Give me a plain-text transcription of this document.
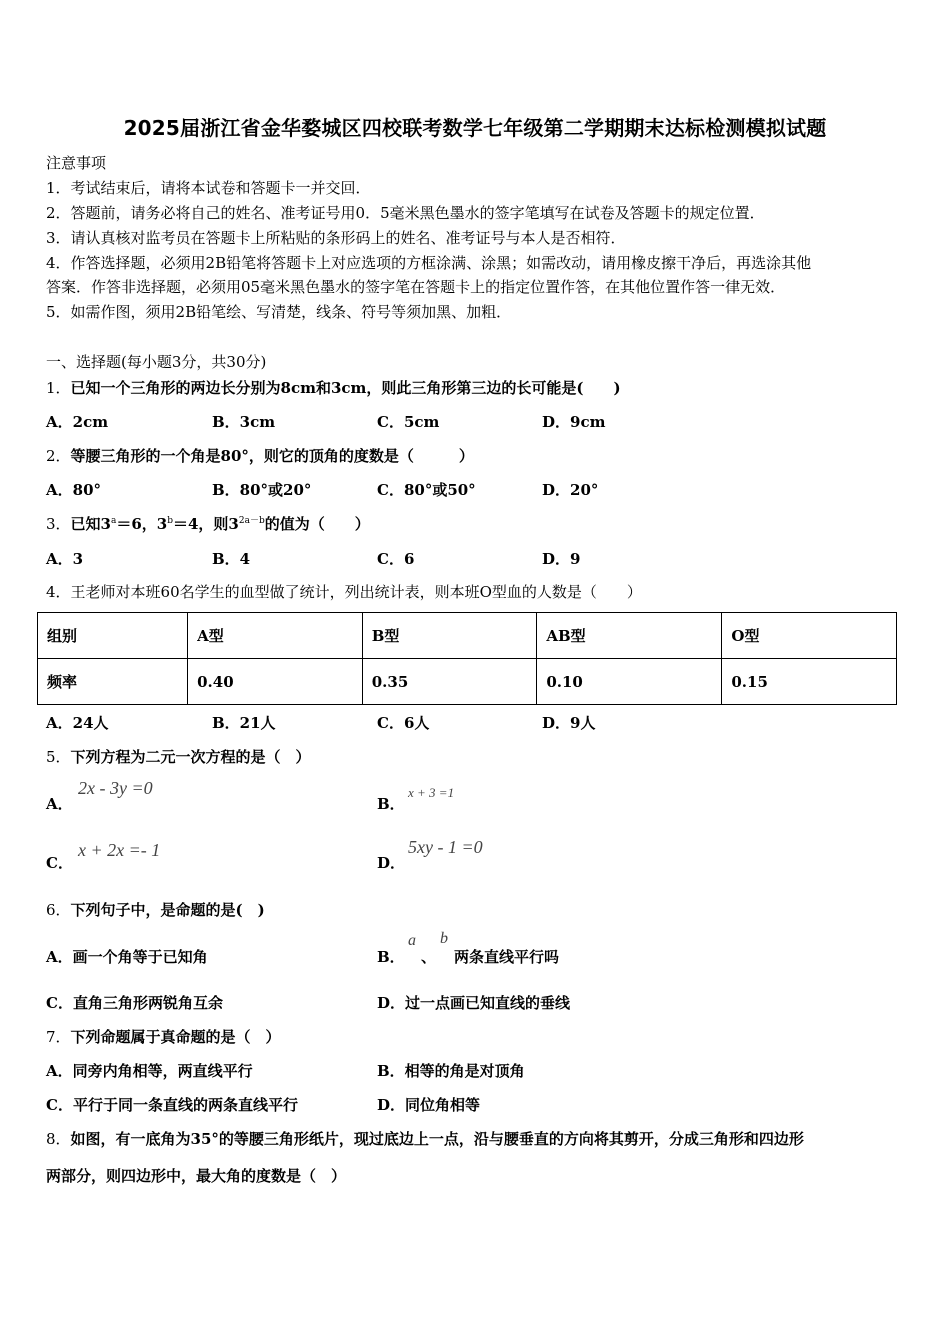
2025届浙江省金华婺城区四校联考数学七年级第二学期期末达标检测模拟试题
注意事项
1．考试结束后，请将本试卷和答题卡一并交回．
2．答题前，请务必将自己的姓名、准考证号用0．5毫米黑色墨水的签字笔填写在试卷及答题卡的规定位置．
3．请认真核对监考员在答题卡上所粘贴的条形码上的姓名、准考证号与本人是否相符．
4．作答选择题，必须用2B铅笔将答题卡上对应选项的方框涂满、涂黑；如需改动，请用橡皮擦干净后，再选涂其他
答案．作答非选择题，必须用05毫米黑色墨水的签字笔在答题卡上的指定位置作答，在其他位置作答一律无效．
5．如需作图，须用2B铅笔绘、写清楚，线条、符号等须加黑、加粗．
一、选择题(每小题3分，共30分)
1．已知一个三角形的两边长分别为8cm和3cm，则此三角形第三边的长可能是(　　)
A．2cm	B．3cm	C．5cm	D．9cm
2．等腰三角形的一个角是80°，则它的顶角的度数是（　　　）
A．80°	B．80°或20°	C．80°或50°	D．20°
3．已知$3^a=6$，$3^b=4$，则$3^{2a-b}$的值为（　　）
A．3	B．4	C．6	D．9
4．王老师对本班60名学生的血型做了统计，列出统计表，则本班O型血的人数是（　　）
组别	A型	B型	AB型	O型
频率	0.40	0.35	0.10	0.15
A．24人	B．21人	C．6人	D．9人
5．下列方程为二元一次方程的是（　）
A．
2x - 3y =0
B．
x + 3 =1
C．
x + 2x =- 1
D．
5xy - 1 =0
6．下列句子中，是命题的是(　)
A．画一个角等于已知角	B．
a
、
b
两条直线平行吗
C．直角三角形两锐角互余	D．过一点画已知直线的垂线
7．下列命题属于真命题的是（　）
A．同旁内角相等，两直线平行	B．相等的角是对顶角
C．平行于同一条直线的两条直线平行	D．同位角相等
8．如图，有一底角为35°的等腰三角形纸片，现过底边上一点，沿与腰垂直的方向将其剪开，分成三角形和四边形
两部分，则四边形中，最大角的度数是（　）
